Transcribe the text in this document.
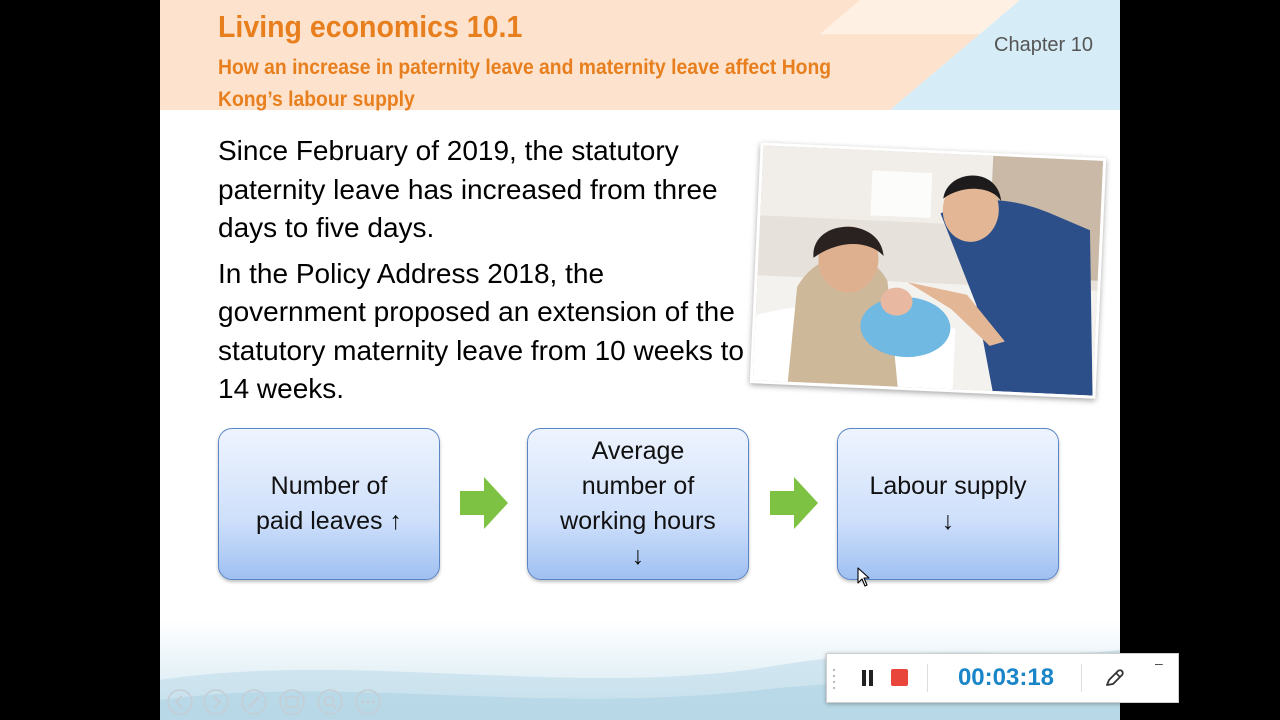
Living economics 10.1
How an increase in paternity leave and maternity leave affect Hong Kong’s labour supply
Chapter 10

Since February of 2019, the statutory paternity leave has increased from three days to five days.

In the Policy Address 2018, the government proposed an extension of the statutory maternity leave from 10 weeks to 14 weeks.

Number of
paid leaves ↑
Average
number of
working hours
↓
Labour supply
↓
00:03:18
–
